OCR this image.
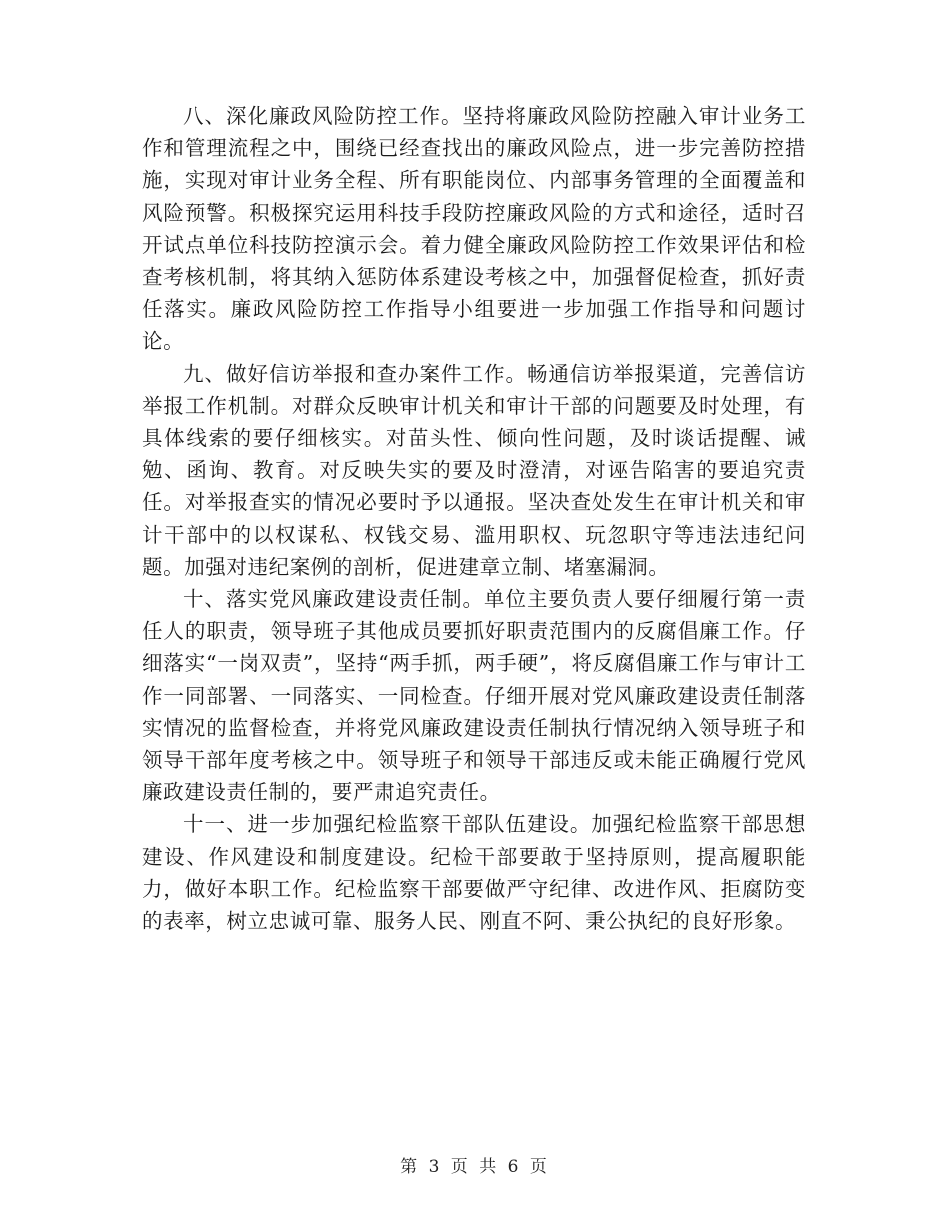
八、深化廉政风险防控工作。坚持将廉政风险防控融入审计业务工作和管理流程之中，围绕已经查找出的廉政风险点，进一步完善防控措施，实现对审计业务全程、所有职能岗位、内部事务管理的全面覆盖和风险预警。积极探究运用科技手段防控廉政风险的方式和途径，适时召开试点单位科技防控演示会。着力健全廉政风险防控工作效果评估和检查考核机制，将其纳入惩防体系建设考核之中，加强督促检查，抓好责任落实。廉政风险防控工作指导小组要进一步加强工作指导和问题讨论。

九、做好信访举报和查办案件工作。畅通信访举报渠道，完善信访举报工作机制。对群众反映审计机关和审计干部的问题要及时处理，有具体线索的要仔细核实。对苗头性、倾向性问题，及时谈话提醒、诫勉、函询、教育。对反映失实的要及时澄清，对诬告陷害的要追究责任。对举报查实的情况必要时予以通报。坚决查处发生在审计机关和审计干部中的以权谋私、权钱交易、滥用职权、玩忽职守等违法违纪问题。加强对违纪案例的剖析，促进建章立制、堵塞漏洞。

十、落实党风廉政建设责任制。单位主要负责人要仔细履行第一责任人的职责，领导班子其他成员要抓好职责范围内的反腐倡廉工作。仔细落实“一岗双责”，坚持“两手抓，两手硬”，将反腐倡廉工作与审计工作一同部署、一同落实、一同检查。仔细开展对党风廉政建设责任制落实情况的监督检查，并将党风廉政建设责任制执行情况纳入领导班子和领导干部年度考核之中。领导班子和领导干部违反或未能正确履行党风廉政建设责任制的，要严肃追究责任。

十一、进一步加强纪检监察干部队伍建设。加强纪检监察干部思想建设、作风建设和制度建设。纪检干部要敢于坚持原则，提高履职能力，做好本职工作。纪检监察干部要做严守纪律、改进作风、拒腐防变的表率，树立忠诚可靠、服务人民、刚直不阿、秉公执纪的良好形象。

第 3 页 共 6 页
